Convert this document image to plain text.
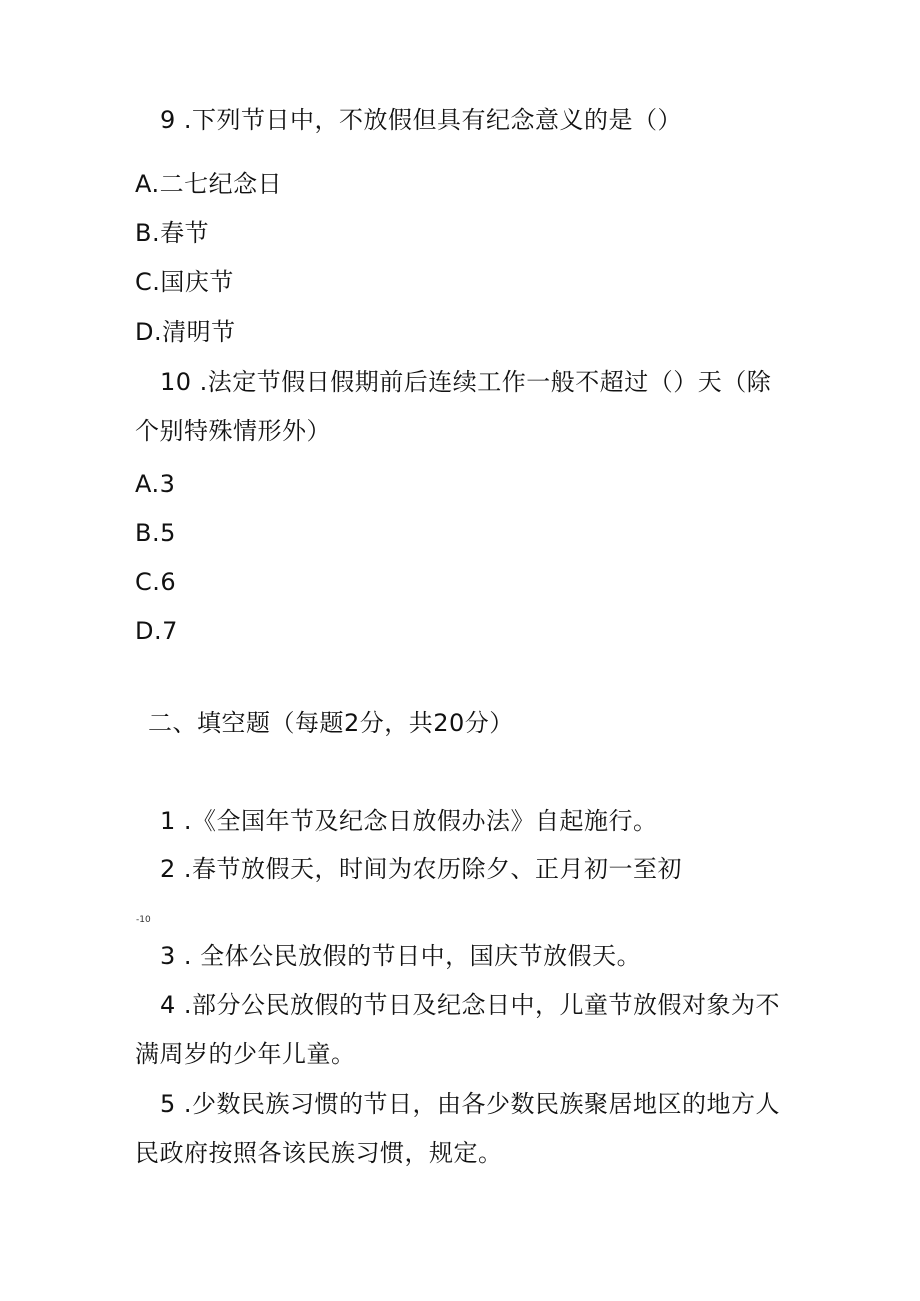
9 .下列节日中，不放假但具有纪念意义的是（）
A.二七纪念日
B.春节
C.国庆节
D.清明节
10 .法定节假日假期前后连续工作一般不超过（）天（除
个别特殊情形外）
A.3
B.5
C.6
D.7
二、填空题（每题2分，共20分）
1 .《全国年节及纪念日放假办法》自起施行。
2 .春节放假天，时间为农历除夕、正月初一至初
-10
3 . 全体公民放假的节日中，国庆节放假天。
4 .部分公民放假的节日及纪念日中，儿童节放假对象为不
满周岁的少年儿童。
5 .少数民族习惯的节日，由各少数民族聚居地区的地方人
民政府按照各该民族习惯，规定。
